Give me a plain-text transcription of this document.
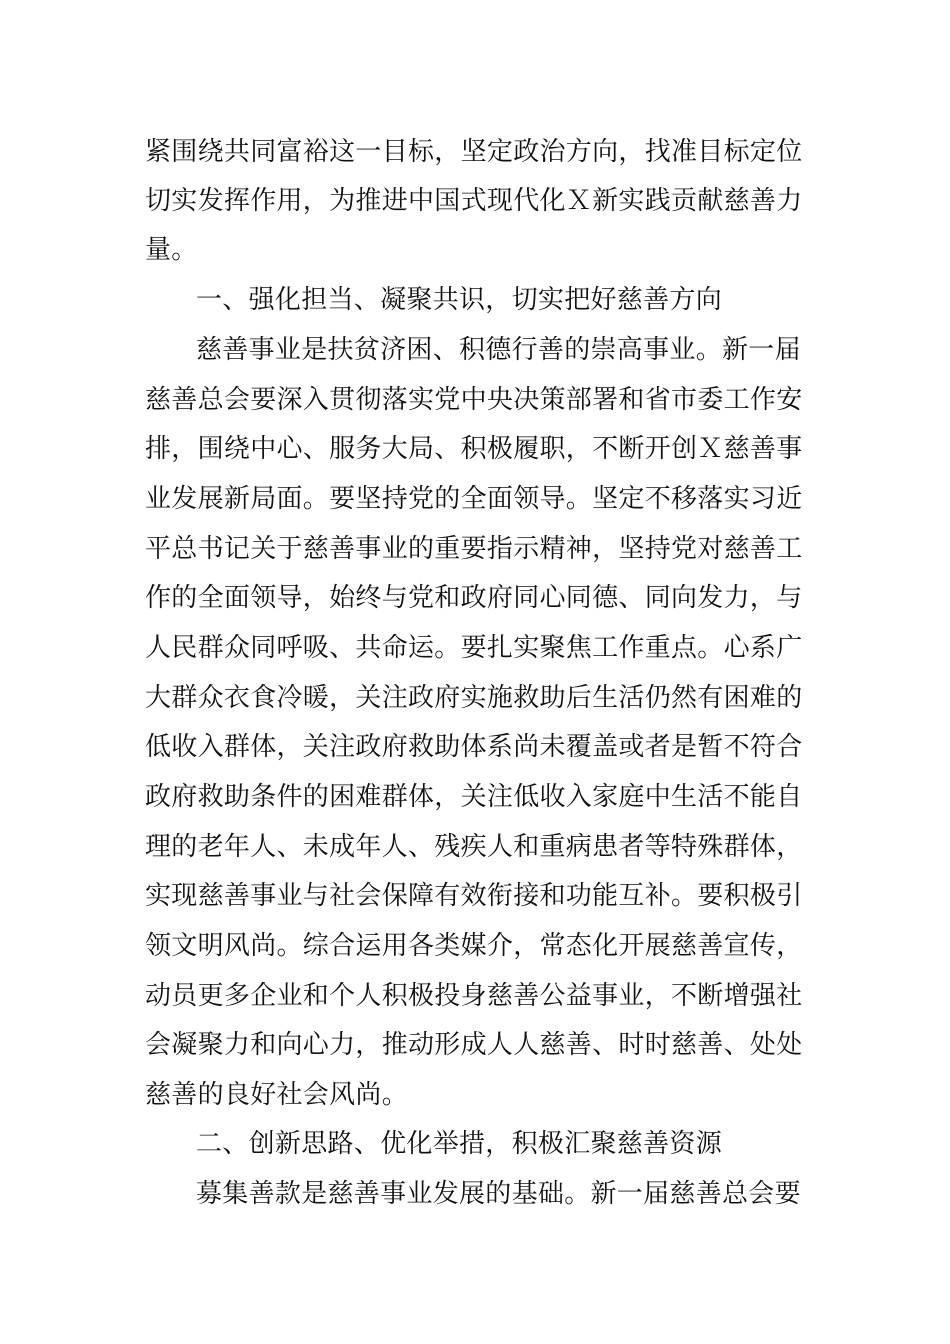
紧围绕共同富裕这一目标，坚定政治方向，找准目标定位
切实发挥作用，为推进中国式现代化Ｘ新实践贡献慈善力
量。
一、强化担当、凝聚共识，切实把好慈善方向
慈善事业是扶贫济困、积德行善的崇高事业。新一届
慈善总会要深入贯彻落实党中央决策部署和省市委工作安
排，围绕中心、服务大局、积极履职，不断开创Ｘ慈善事
业发展新局面。要坚持党的全面领导。坚定不移落实习近
平总书记关于慈善事业的重要指示精神，坚持党对慈善工
作的全面领导，始终与党和政府同心同德、同向发力，与
人民群众同呼吸、共命运。要扎实聚焦工作重点。心系广
大群众衣食冷暖，关注政府实施救助后生活仍然有困难的
低收入群体，关注政府救助体系尚未覆盖或者是暂不符合
政府救助条件的困难群体，关注低收入家庭中生活不能自
理的老年人、未成年人、残疾人和重病患者等特殊群体，
实现慈善事业与社会保障有效衔接和功能互补。要积极引
领文明风尚。综合运用各类媒介，常态化开展慈善宣传，
动员更多企业和个人积极投身慈善公益事业，不断增强社
会凝聚力和向心力，推动形成人人慈善、时时慈善、处处
慈善的良好社会风尚。
二、创新思路、优化举措，积极汇聚慈善资源
募集善款是慈善事业发展的基础。新一届慈善总会要
